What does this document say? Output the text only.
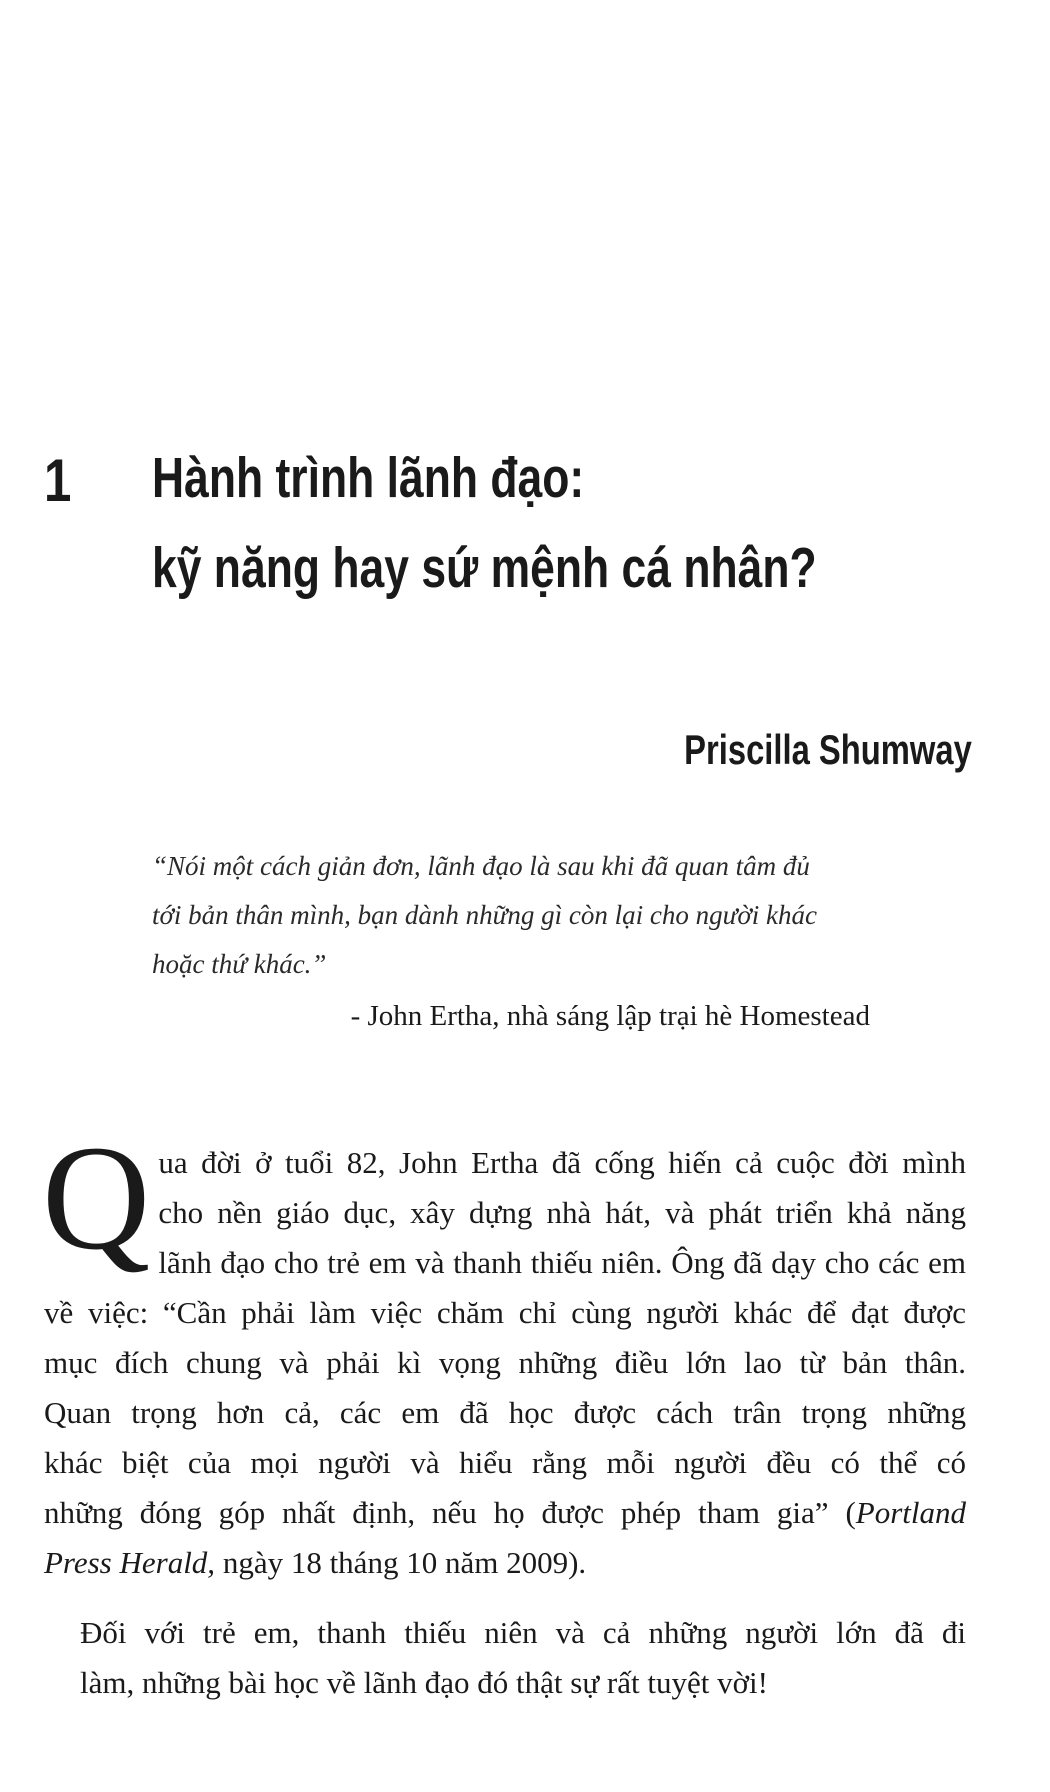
1	Hành trình lãnh đạo:
kỹ năng hay sứ mệnh cá nhân?
Priscilla Shumway
“Nói một cách giản đơn, lãnh đạo là sau khi đã quan tâm đủ
tới bản thân mình, bạn dành những gì còn lại cho người khác
hoặc thứ khác.”
- John Ertha, nhà sáng lập trại hè Homestead
Q ua đời ở tuổi 82, John Ertha đã cống hiến cả cuộc đời mình
cho nền giáo dục, xây dựng nhà hát, và phát triển khả năng
lãnh đạo cho trẻ em và thanh thiếu niên. Ông đã dạy cho các em
về việc: “Cần phải làm việc chăm chỉ cùng người khác để đạt được
mục đích chung và phải kì vọng những điều lớn lao từ bản thân.
Quan trọng hơn cả, các em đã học được cách trân trọng những
khác biệt của mọi người và hiểu rằng mỗi người đều có thể có
những đóng góp nhất định, nếu họ được phép tham gia” (Portland
Press Herald, ngày 18 tháng 10 năm 2009).
Đối với trẻ em, thanh thiếu niên và cả những người lớn đã đi
làm, những bài học về lãnh đạo đó thật sự rất tuyệt vời!
